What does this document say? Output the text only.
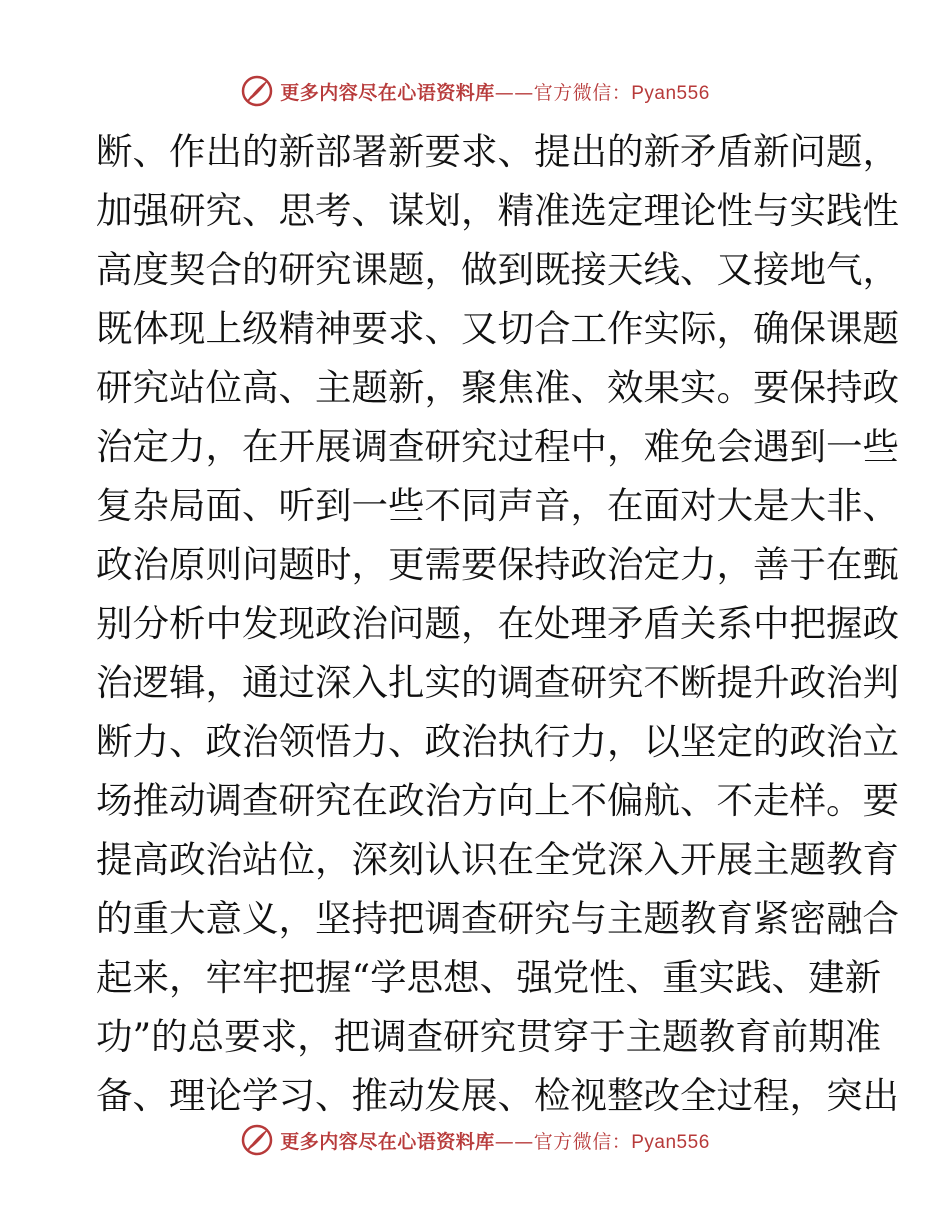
更多内容尽在心语资料库——官方微信：Pyan556
断、作出的新部署新要求、提出的新矛盾新问题，
加强研究、思考、谋划，精准选定理论性与实践性
高度契合的研究课题，做到既接天线、又接地气，
既体现上级精神要求、又切合工作实际，确保课题
研究站位高、主题新，聚焦准、效果实。要保持政
治定力，在开展调查研究过程中，难免会遇到一些
复杂局面、听到一些不同声音，在面对大是大非、
政治原则问题时，更需要保持政治定力，善于在甄
别分析中发现政治问题，在处理矛盾关系中把握政
治逻辑，通过深入扎实的调查研究不断提升政治判
断力、政治领悟力、政治执行力，以坚定的政治立
场推动调查研究在政治方向上不偏航、不走样。要
提高政治站位，深刻认识在全党深入开展主题教育
的重大意义，坚持把调查研究与主题教育紧密融合
起来，牢牢把握“学思想、强党性、重实践、建新
功”的总要求，把调查研究贯穿于主题教育前期准
备、理论学习、推动发展、检视整改全过程，突出
更多内容尽在心语资料库——官方微信：Pyan556
